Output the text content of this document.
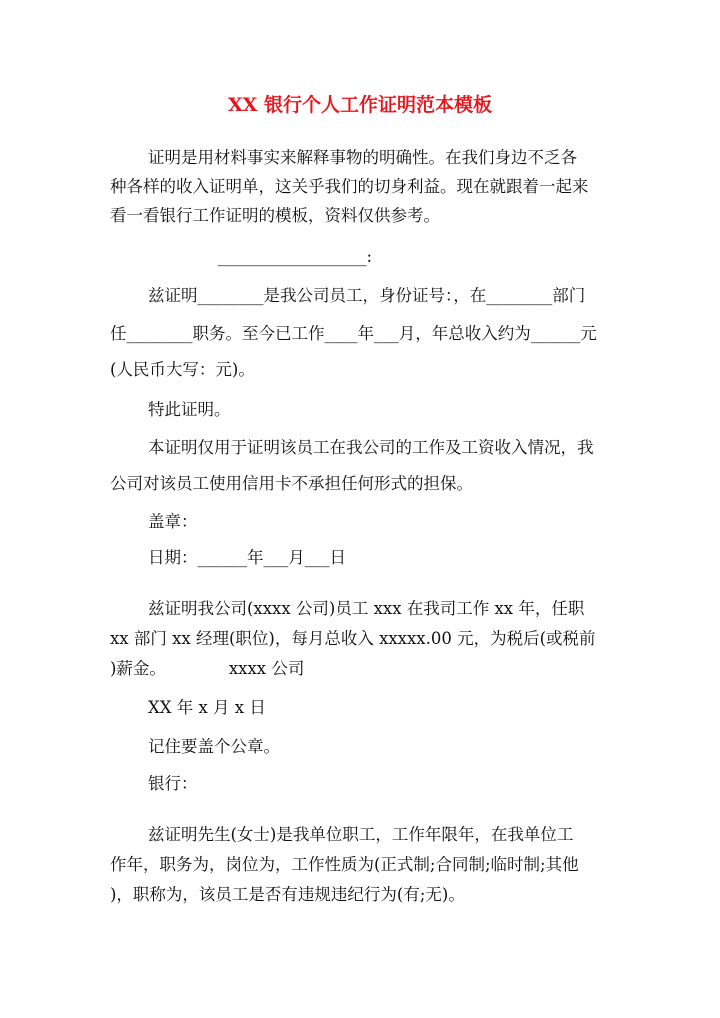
XX 银行个人工作证明范本模板
证明是用材料事实来解释事物的明确性。在我们身边不乏各
种各样的收入证明单，这关乎我们的切身利益。现在就跟着一起来
看一看银行工作证明的模板，资料仅供参考。
__________________:
兹证明________是我公司员工，身份证号：，在________部门
任________职务。至今已工作____年___月，年总收入约为______元
(人民币大写：元)。
特此证明。
本证明仅用于证明该员工在我公司的工作及工资收入情况，我
公司对该员工使用信用卡不承担任何形式的担保。
盖章：
日期：______年___月___日
兹证明我公司(xxxx 公司)员工 xxx 在我司工作 xx 年，任职
xx 部门 xx 经理(职位)，每月总收入 xxxxx.00 元，为税后(或税前
)薪金。            xxxx 公司
XX 年 x 月 x 日
记住要盖个公章。
银行：
兹证明先生(女士)是我单位职工，工作年限年，在我单位工
作年，职务为，岗位为，工作性质为(正式制;合同制;临时制;其他
)，职称为，该员工是否有违规违纪行为(有;无)。
